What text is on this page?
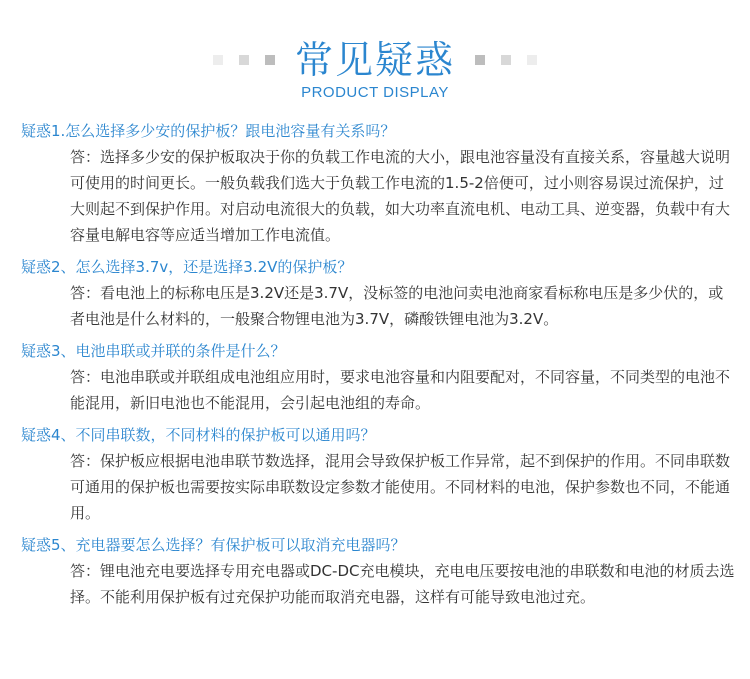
常见疑惑
PRODUCT DISPLAY

疑惑1.怎么选择多少安的保护板？跟电池容量有关系吗？

答：选择多少安的保护板取决于你的负载工作电流的大小，跟电池容量没有直接关系，容量越大说明可使用的时间更长。一般负载我们选大于负载工作电流的1.5-2倍便可，过小则容易误过流保护，过大则起不到保护作用。对启动电流很大的负载，如大功率直流电机、电动工具、逆变器，负载中有大容量电解电容等应适当增加工作电流值。

疑惑2、怎么选择3.7v，还是选择3.2V的保护板？

答：看电池上的标称电压是3.2V还是3.7V，没标签的电池问卖电池商家看标称电压是多少伏的，或者电池是什么材料的，一般聚合物锂电池为3.7V，磷酸铁锂电池为3.2V。

疑惑3、电池串联或并联的条件是什么？

答：电池串联或并联组成电池组应用时，要求电池容量和内阻要配对，不同容量，不同类型的电池不能混用，新旧电池也不能混用，会引起电池组的寿命。

疑惑4、不同串联数，不同材料的保护板可以通用吗？

答：保护板应根据电池串联节数选择，混用会导致保护板工作异常，起不到保护的作用。不同串联数可通用的保护板也需要按实际串联数设定参数才能使用。不同材料的电池，保护参数也不同，不能通用。

疑惑5、充电器要怎么选择？有保护板可以取消充电器吗？

答：锂电池充电要选择专用充电器或DC-DC充电模块，充电电压要按电池的串联数和电池的材质去选择。不能利用保护板有过充保护功能而取消充电器，这样有可能导致电池过充。
